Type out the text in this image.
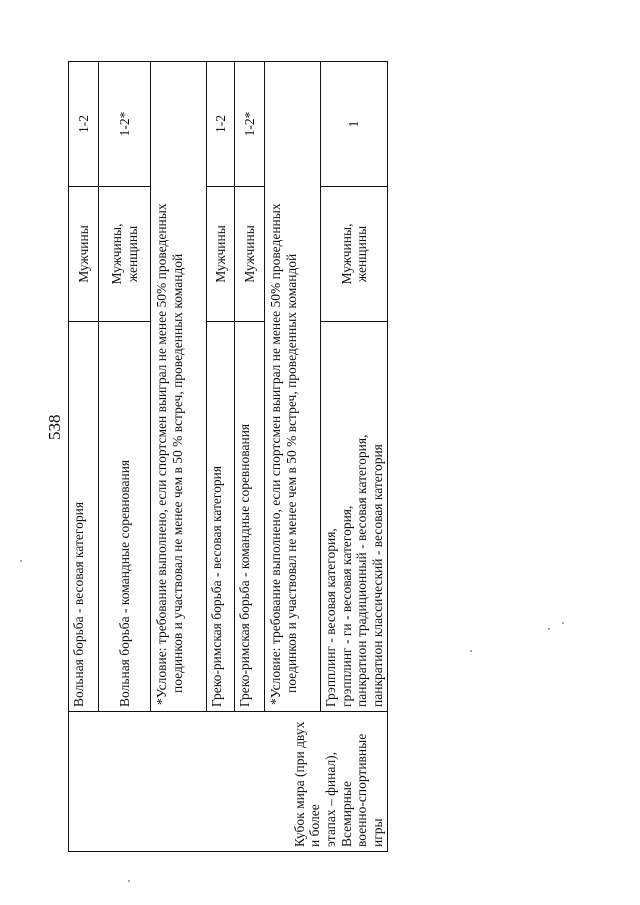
538
Кубок мира (при двух и более этапах – финал), Всемирные военно-спортивные игры	Вольная борьба - весовая категория	Мужчины	1-2
	Вольная борьба - командные соревнования	Мужчины, женщины	1-2*

	*Условие: требование выполнено, если спортсмен выиграл не менее 50% проведенных поединков и участвовал не менее чем в 50 % встреч, проведенных командой		

	Греко-римская борьба - весовая категория	Мужчины	1-2
	Греко-римская борьба - командные соревнования	Мужчины	1-2*

	*Условие: требование выполнено, если спортсмен выиграл не менее 50% проведенных поединков и участвовал не менее чем в 50 % встреч, проведенных командой		

	Грэпплинг - весовая категория, грэпплинг - ги - весовая категория, панкратион традиционный - весовая категория, панкратион классический - весовая категория	Мужчины, женщины	1
